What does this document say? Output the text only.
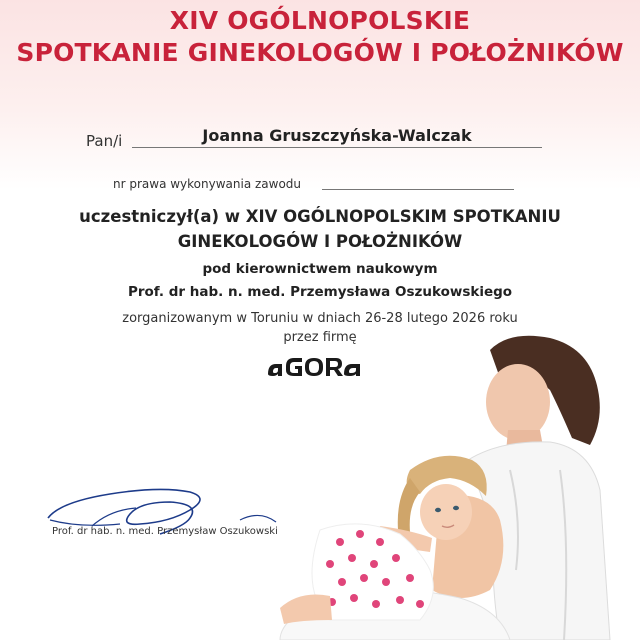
XIV OGÓLNOPOLSKIE
SPOTKANIE GINEKOLOGÓW I POŁOŻNIKÓW
Pan/i	Joanna Gruszczyńska-Walczak
nr prawa wykonywania zawodu
uczestniczył(a) w XIV OGÓLNOPOLSKIM SPOTKANIU
GINEKOLOGÓW I POŁOŻNIKÓW
pod kierownictwem naukowym
Prof. dr hab. n. med. Przemysława Oszukowskiego
zorganizowanym w Toruniu w dniach 26-28 lutego 2026 roku
przez firmę
Prof. dr hab. n. med. Przemysław Oszukowski
